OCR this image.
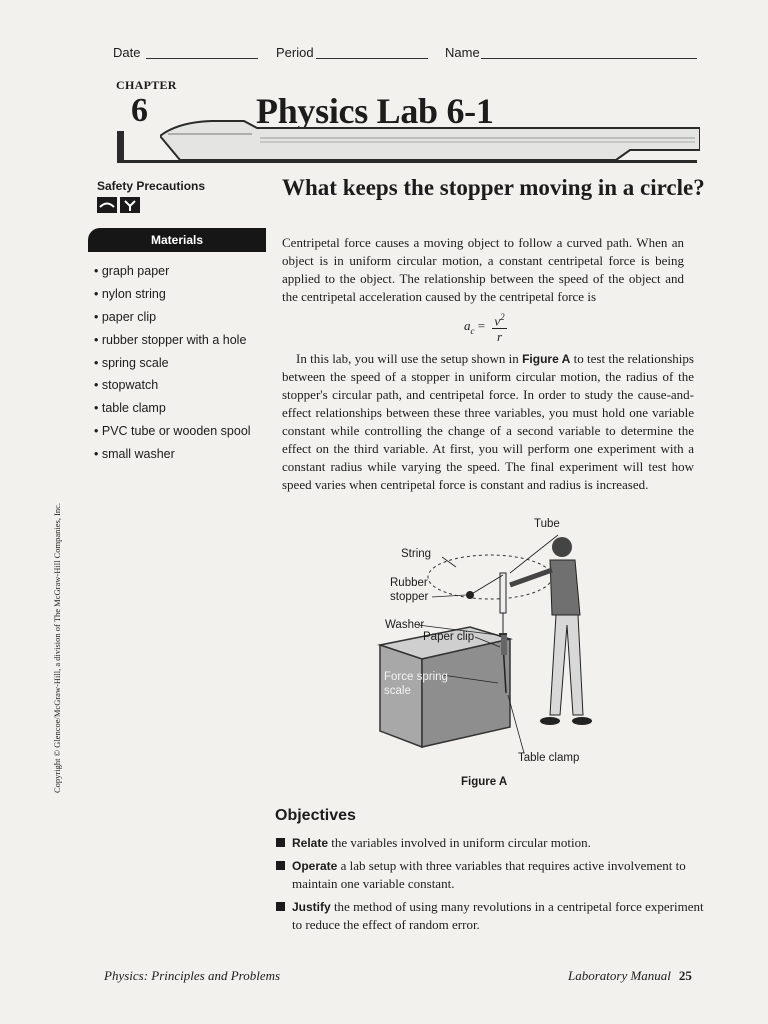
Date	Period	Name
CHAPTER
6	Physics Lab 6-1
Safety Precautions
Materials
• graph paper
• nylon string
• paper clip
• rubber stopper with a hole
• spring scale
• stopwatch
• table clamp
• PVC tube or wooden spool
• small washer
What keeps the stopper moving in a circle?
Centripetal force causes a moving object to follow a curved path. When an object is in uniform circular motion, a constant centripetal force is being applied to the object. The relationship between the speed of the object and the centripetal acceleration caused by the centripetal force is
$a_c = \frac{v^2}{r}$
In this lab, you will use the setup shown in Figure A to test the relationships between the speed of a stopper in uniform circular motion, the radius of the stopper's circular path, and centripetal force. In order to study the cause-and-effect relationships between these three variables, you must hold one variable constant while controlling the change of a second variable to determine the effect on the third variable. At first, you will perform one experiment with a constant radius while varying the speed. The final experiment will test how speed varies when centripetal force is constant and radius is increased.
Tube
String
Rubber
stopper
Washer
Paper clip
Force spring
scale
Table clamp
Figure A
Objectives
Relate the variables involved in uniform circular motion.
Operate a lab setup with three variables that requires active involvement to maintain one variable constant.
Justify the method of using many revolutions in a centripetal force experiment to reduce the effect of random error.
Copyright © Glencoe/McGraw-Hill, a division of The McGraw-Hill Companies, Inc.
Physics: Principles and Problems	Laboratory Manual 25
